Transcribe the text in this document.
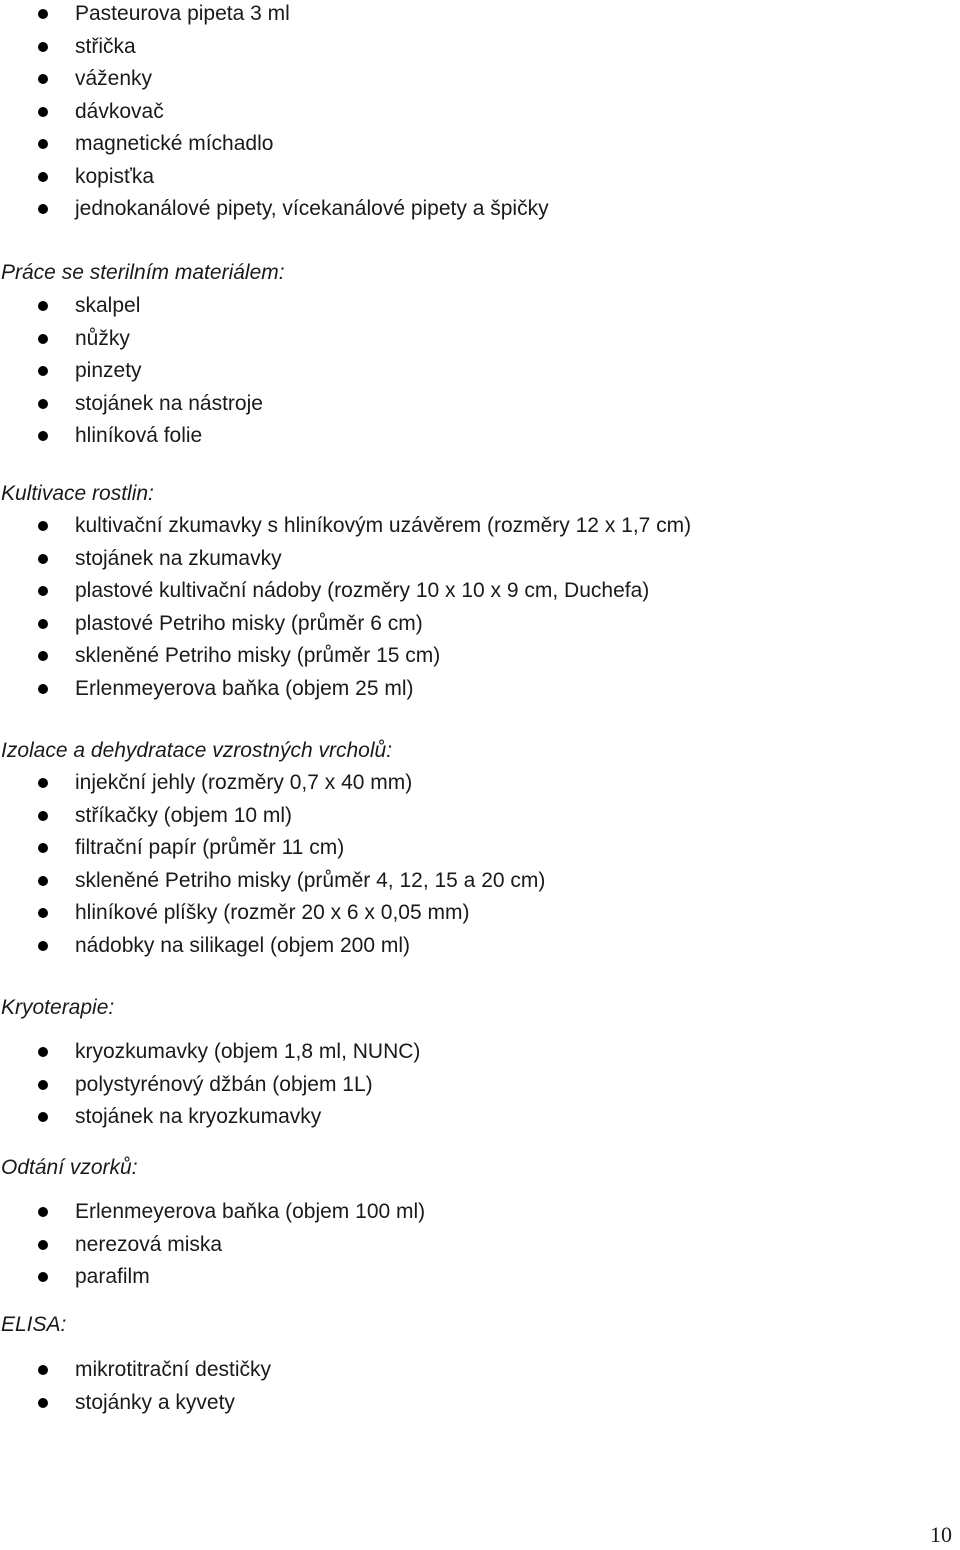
Pasteurova pipeta 3 ml
střička
váženky
dávkovač
magnetické míchadlo
kopisťka
jednokanálové pipety, vícekanálové pipety a špičky
Práce se sterilním materiálem:
skalpel
nůžky
pinzety
stojánek na nástroje
hliníková folie
Kultivace rostlin:
kultivační zkumavky s hliníkovým uzávěrem (rozměry 12 x 1,7 cm)
stojánek na zkumavky
plastové kultivační nádoby (rozměry 10 x 10 x 9 cm, Duchefa)
plastové Petriho misky (průměr 6 cm)
skleněné Petriho misky (průměr 15 cm)
Erlenmeyerova baňka (objem 25 ml)
Izolace a dehydratace vzrostných vrcholů:
injekční jehly (rozměry 0,7 x 40 mm)
stříkačky (objem 10 ml)
filtrační papír (průměr 11 cm)
skleněné Petriho misky (průměr 4, 12, 15 a 20 cm)
hliníkové plíšky (rozměr 20 x 6 x 0,05 mm)
nádobky na silikagel (objem 200 ml)
Kryoterapie:
kryozkumavky (objem 1,8 ml, NUNC)
polystyrénový džbán (objem 1L)
stojánek na kryozkumavky
Odtání vzorků:
Erlenmeyerova baňka (objem 100 ml)
nerezová miska
parafilm
ELISA:
mikrotitrační destičky
stojánky a kyvety
10
